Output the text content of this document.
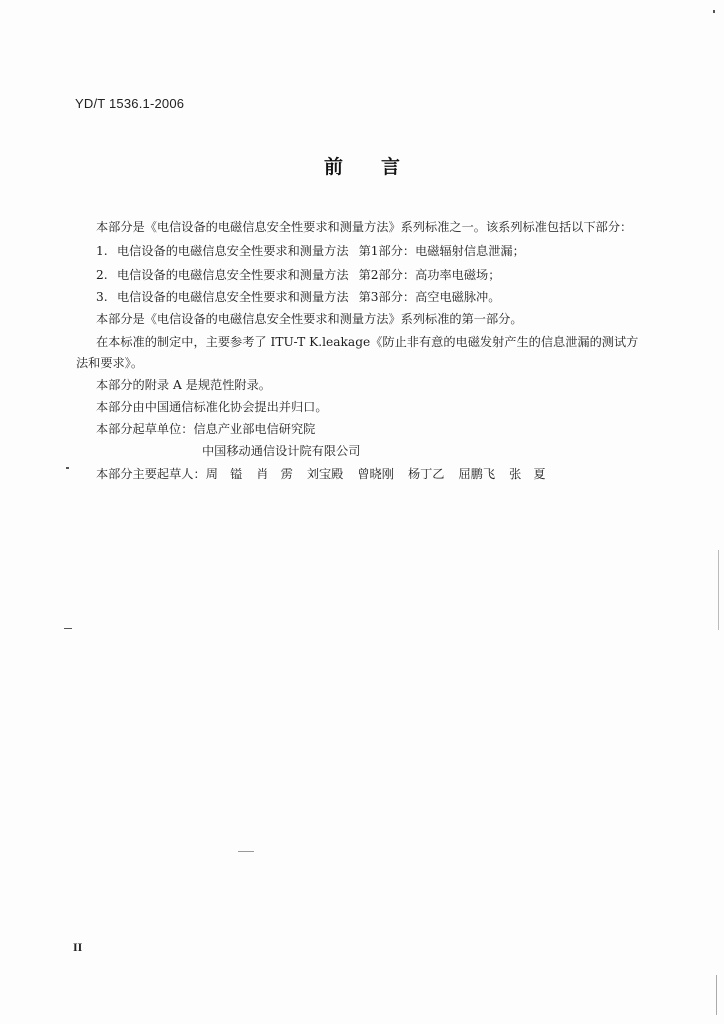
YD/T 1536.1-2006
前 言
本部分是《电信设备的电磁信息安全性要求和测量方法》系列标准之一。该系列标准包括以下部分：
1. 电信设备的电磁信息安全性要求和测量方法 第1部分：电磁辐射信息泄漏；
2. 电信设备的电磁信息安全性要求和测量方法 第2部分：高功率电磁场；
3. 电信设备的电磁信息安全性要求和测量方法 第3部分：高空电磁脉冲。
本部分是《电信设备的电磁信息安全性要求和测量方法》系列标准的第一部分。
在本标准的制定中，主要参考了 ITU-T K.leakage《防止非有意的电磁发射产生的信息泄漏的测试方
法和要求》。
本部分的附录 A 是规范性附录。
本部分由中国通信标准化协会提出并归口。
本部分起草单位：信息产业部电信研究院
中国移动通信设计院有限公司
本部分主要起草人：周　镒 肖　雳 刘宝殿 曾晓刚 杨丁乙 屈鹏飞 张　夏
II
